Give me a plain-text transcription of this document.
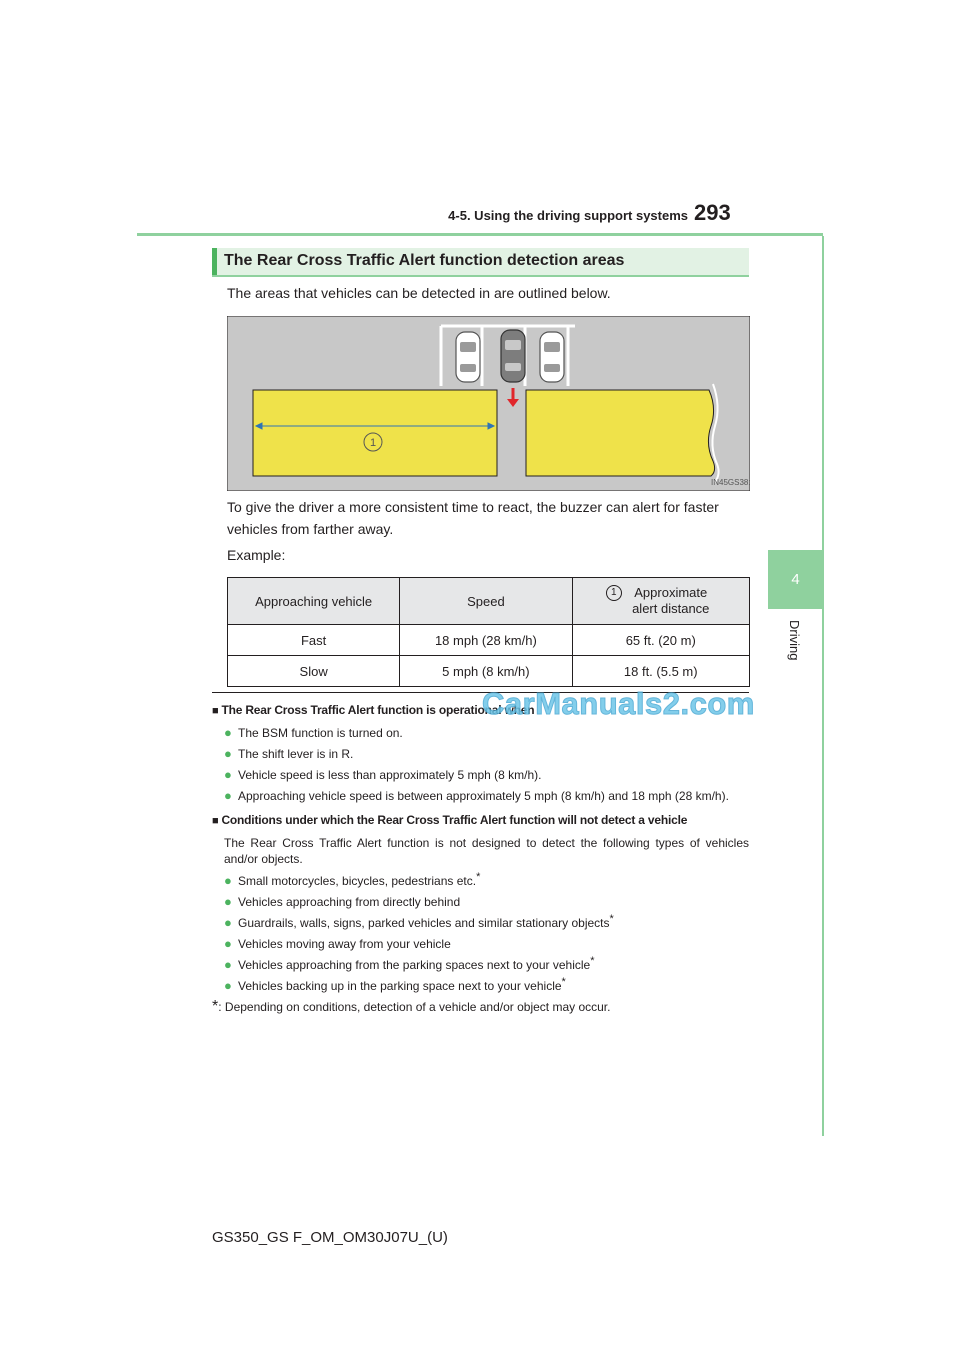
4-5. Using the driving support systems 293
4
Driving
The Rear Cross Traffic Alert function detection areas
The areas that vehicles can be detected in are outlined below.
1
IN45GS381
To give the driver a more consistent time to react, the buzzer can alert for faster vehicles from farther away.
Example:
Approaching vehicle	Speed	1 Approximate alert distance
Fast	18 mph (28 km/h)	65 ft. (20 m)
Slow	5 mph (8 km/h)	18 ft. (5.5 m)
■ The Rear Cross Traffic Alert function is operational when
● The BSM function is turned on.
● The shift lever is in R.
● Vehicle speed is less than approximately 5 mph (8 km/h).
● Approaching vehicle speed is between approximately 5 mph (8 km/h) and 18 mph (28 km/h).
■ Conditions under which the Rear Cross Traffic Alert function will not detect a vehicle
The Rear Cross Traffic Alert function is not designed to detect the following types of vehicles and/or objects.
● Small motorcycles, bicycles, pedestrians etc.*
● Vehicles approaching from directly behind
● Guardrails, walls, signs, parked vehicles and similar stationary objects*
● Vehicles moving away from your vehicle
● Vehicles approaching from the parking spaces next to your vehicle*
● Vehicles backing up in the parking space next to your vehicle*
*: Depending on conditions, detection of a vehicle and/or object may occur.
CarManuals2.com
GS350_GS F_OM_OM30J07U_(U)
